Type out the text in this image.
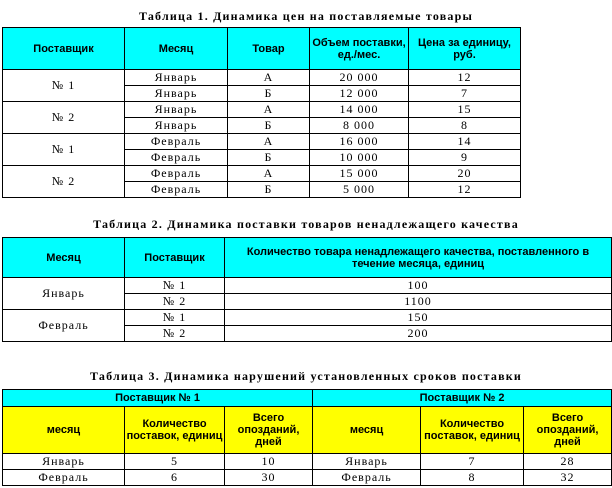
Таблица 1. Динамика цен на поставляемые товары
Поставщик	Месяц	Товар	Объем поставки, ед./мес.	Цена за единицу, руб.
№ 1	Январь	А	20 000	12
	Январь	Б	12 000	7
№ 2	Январь	А	14 000	15
	Январь	Б	8 000	8
№ 1	Февраль	А	16 000	14
	Февраль	Б	10 000	9
№ 2	Февраль	А	15 000	20
	Февраль	Б	5 000	12
Таблица 2. Динамика поставки товаров ненадлежащего качества
Месяц	Поставщик	Количество товара ненадлежащего качества, поставленного в течение месяца, единиц
Январь	№ 1	100
	№ 2	1100
Февраль	№ 1	150
	№ 2	200
Таблица 3. Динамика нарушений установленных сроков поставки
Поставщик № 1			Поставщик № 2		
месяц	Количество поставок, единиц	Всего опозданий, дней	месяц	Количество поставок, единиц	Всего опозданий, дней
Январь	5	10	Январь	7	28
Февраль	6	30	Февраль	8	32
